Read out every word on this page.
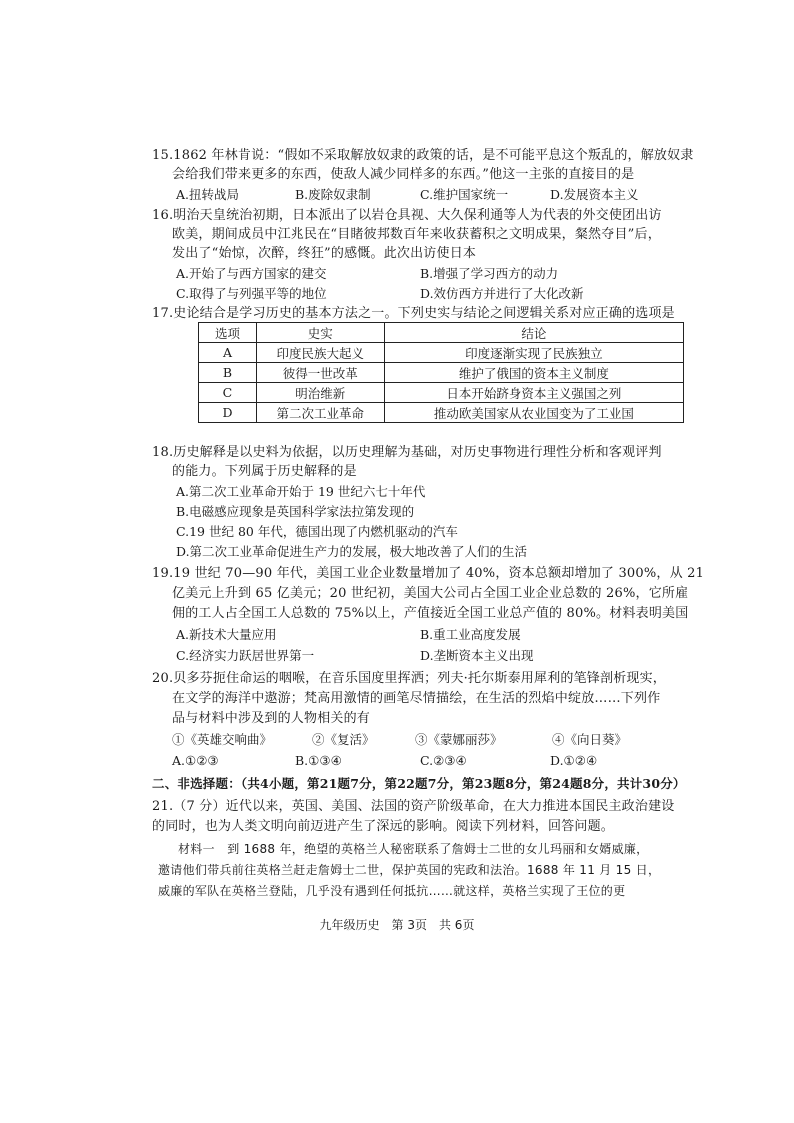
15.1862 年林肯说：“假如不采取解放奴隶的政策的话，是不可能平息这个叛乱的，解放奴隶
会给我们带来更多的东西，使敌人减少同样多的东西。”他这一主张的直接目的是
A.扭转战局	B.废除奴隶制	C.维护国家统一	D.发展资本主义
16.明治天皇统治初期，日本派出了以岩仓具视、大久保利通等人为代表的外交使团出访
欧美，期间成员中江兆民在“目睹彼邦数百年来收获蓄积之文明成果，粲然夺目”后，
发出了“始惊，次醉，终狂”的感慨。此次出访使日本
A.开始了与西方国家的建交	B.增强了学习西方的动力
C.取得了与列强平等的地位	D.效仿西方并进行了大化改新
17.史论结合是学习历史的基本方法之一。下列史实与结论之间逻辑关系对应正确的选项是
选项	史实	结论
A	印度民族大起义	印度逐渐实现了民族独立
B	彼得一世改革	维护了俄国的资本主义制度
C	明治维新	日本开始跻身资本主义强国之列
D	第二次工业革命	推动欧美国家从农业国变为了工业国
18.历史解释是以史料为依据，以历史理解为基础，对历史事物进行理性分析和客观评判
的能力。下列属于历史解释的是
A.第二次工业革命开始于 19 世纪六七十年代
B.电磁感应现象是英国科学家法拉第发现的
C.19 世纪 80 年代，德国出现了内燃机驱动的汽车
D.第二次工业革命促进生产力的发展，极大地改善了人们的生活
19.19 世纪 70—90 年代，美国工业企业数量增加了 40%，资本总额却增加了 300%，从 21
亿美元上升到 65 亿美元；20 世纪初，美国大公司占全国工业企业总数的 26%，它所雇
佣的工人占全国工人总数的 75%以上，产值接近全国工业总产值的 80%。材料表明美国
A.新技术大量应用	B.重工业高度发展
C.经济实力跃居世界第一	D.垄断资本主义出现
20.贝多芬扼住命运的咽喉，在音乐国度里挥洒；列夫·托尔斯泰用犀利的笔锋剖析现实，
在文学的海洋中遨游；梵高用激情的画笔尽情描绘，在生活的烈焰中绽放……下列作
品与材料中涉及到的人物相关的有
①《英雄交响曲》	②《复活》	③《蒙娜丽莎》	④《向日葵》
A.①②③	B.①③④	C.②③④	D.①②④
二、非选择题：（共4小题，第21题7分，第22题7分，第23题8分，第24题8分，共计30分）
21.（7 分）近代以来，英国、美国、法国的资产阶级革命，在大力推进本国民主政治建设
的同时，也为人类文明向前迈进产生了深远的影响。阅读下列材料，回答问题。
材料一　到 1688 年，绝望的英格兰人秘密联系了詹姆士二世的女儿玛丽和女婿威廉，
邀请他们带兵前往英格兰赶走詹姆士二世，保护英国的宪政和法治。1688 年 11 月 15 日，
威廉的军队在英格兰登陆，几乎没有遇到任何抵抗……就这样，英格兰实现了王位的更
九年级历史　第 3页　共 6页
